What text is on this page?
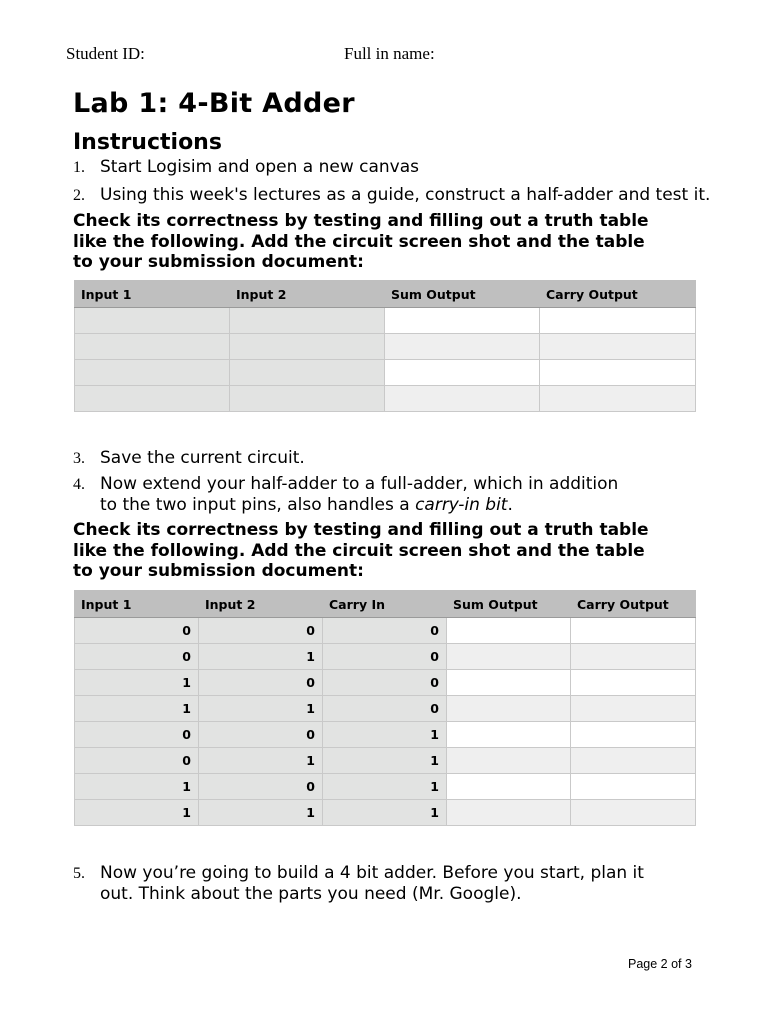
Student ID:	Full in name:
Lab 1: 4-Bit Adder
Instructions
1. Start Logisim and open a new canvas
2. Using this week's lectures as a guide, construct a half-adder and test it.
Check its correctness by testing and filling out a truth table
like the following. Add the circuit screen shot and the table
to your submission document:
Input 1	Input 2	Sum Output	Carry Output

3. Save the current circuit.
4. Now extend your half-adder to a full-adder, which in addition
to the two input pins, also handles a carry-in bit.
Check its correctness by testing and filling out a truth table
like the following. Add the circuit screen shot and the table
to your submission document:
Input 1	Input 2	Carry In	Sum Output	Carry Output
0	0	0		
0	1	0		
1	0	0		
1	1	0		
0	0	1		
0	1	1		
1	0	1		
1	1	1		
5. Now you’re going to build a 4 bit adder. Before you start, plan it
out. Think about the parts you need (Mr. Google).
Page 2 of 3
